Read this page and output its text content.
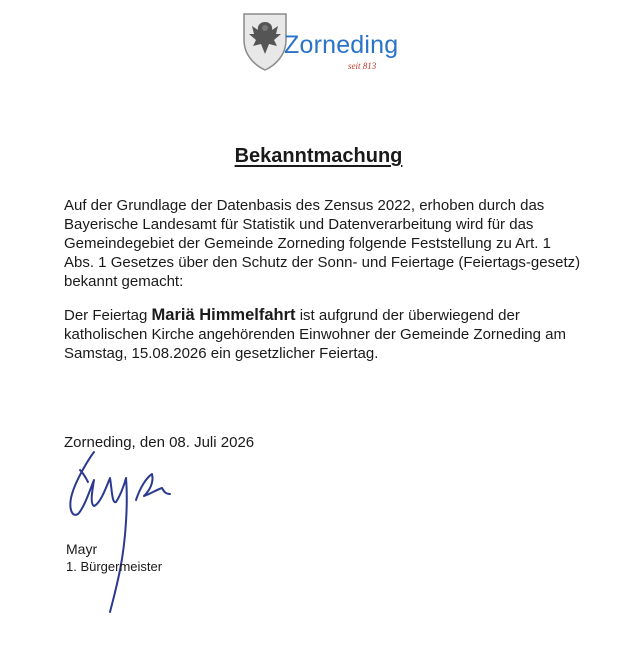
Zorneding
seit 813
Bekanntmachung

Auf der Grundlage der Datenbasis des Zensus 2022, erhoben durch das Bayerische Landesamt für Statistik und Datenverarbeitung wird für das Gemeindegebiet der Gemeinde Zorneding folgende Feststellung zu Art. 1 Abs. 1 Gesetzes über den Schutz der Sonn- und Feiertage (Feiertags-gesetz) bekannt gemacht:

Der Feiertag Mariä Himmelfahrt ist aufgrund der überwiegend der katholischen Kirche angehörenden Einwohner der Gemeinde Zorneding am Samstag, 15.08.2026 ein gesetzlicher Feiertag.

Zorneding, den 08. Juli 2026
Mayr
1. Bürgermeister
